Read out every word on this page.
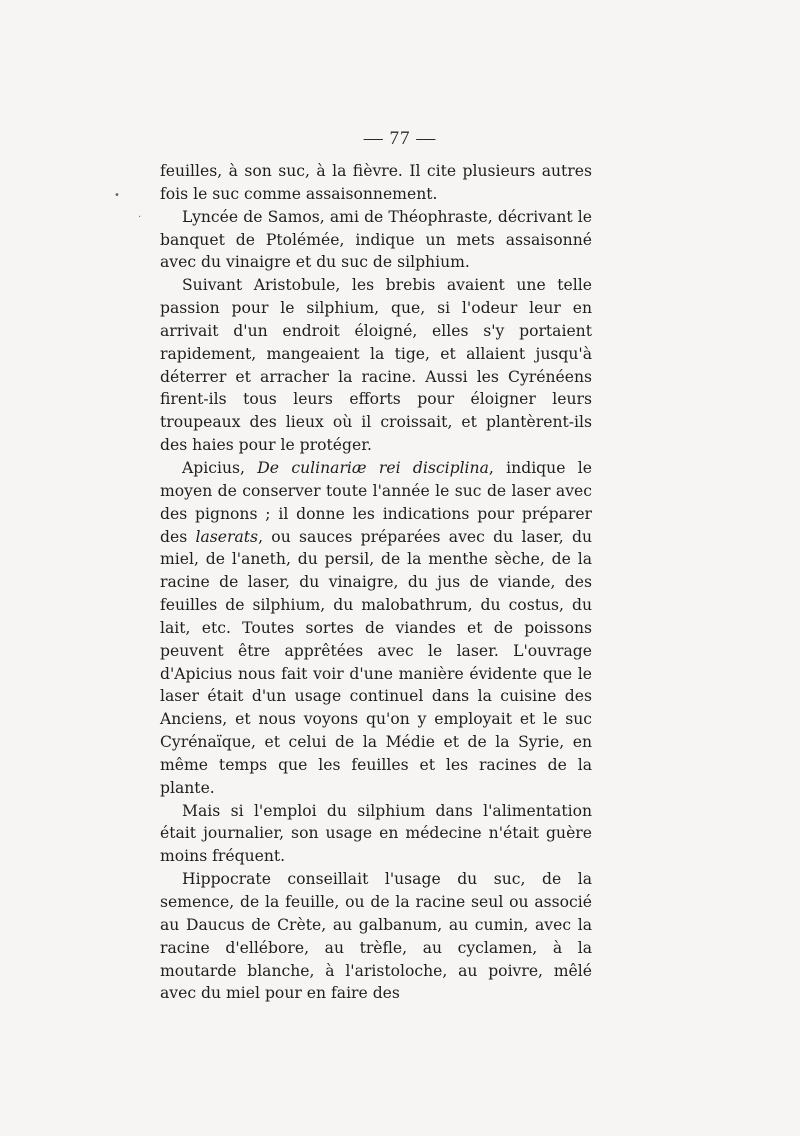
•
·
— 77 —

feuilles, à son suc, à la fièvre. Il cite plusieurs autres fois le suc comme assaisonnement.

Lyncée de Samos, ami de Théophraste, décrivant le banquet de Ptolémée, indique un mets assaisonné avec du vinaigre et du suc de silphium.

Suivant Aristobule, les brebis avaient une telle passion pour le silphium, que, si l'odeur leur en arrivait d'un endroit éloigné, elles s'y portaient rapidement, mangeaient la tige, et allaient jusqu'à déterrer et arracher la racine. Aussi les Cyrénéens firent-ils tous leurs efforts pour éloigner leurs troupeaux des lieux où il croissait, et plantèrent-ils des haies pour le protéger.

Apicius, De culinariæ rei disciplina, indique le moyen de conserver toute l'année le suc de laser avec des pignons ; il donne les indications pour préparer des laserats, ou sauces préparées avec du laser, du miel, de l'aneth, du persil, de la menthe sèche, de la racine de laser, du vinaigre, du jus de viande, des feuilles de silphium, du malobathrum, du costus, du lait, etc. Toutes sortes de viandes et de poissons peuvent être apprêtées avec le laser. L'ouvrage d'Apicius nous fait voir d'une manière évidente que le laser était d'un usage continuel dans la cuisine des Anciens, et nous voyons qu'on y employait et le suc Cyrénaïque, et celui de la Médie et de la Syrie, en même temps que les feuilles et les racines de la plante.

Mais si l'emploi du silphium dans l'alimentation était journalier, son usage en médecine n'était guère moins fréquent.

Hippocrate conseillait l'usage du suc, de la semence, de la feuille, ou de la racine seul ou associé au Daucus de Crète, au galbanum, au cumin, avec la racine d'ellébore, au trèfle, au cyclamen, à la moutarde blanche, à l'aristoloche, au poivre, mêlé avec du miel pour en faire des
